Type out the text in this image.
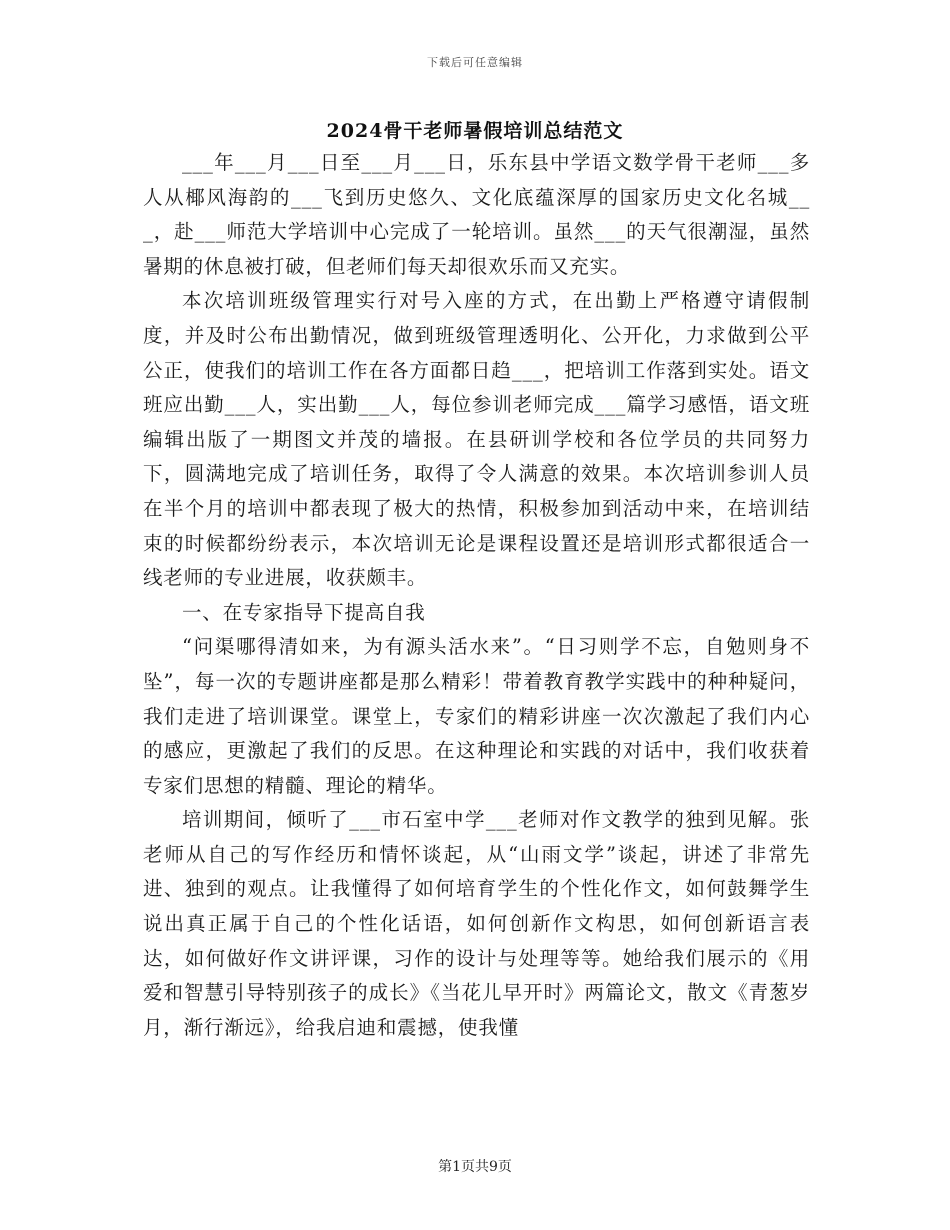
下载后可任意编辑
2024骨干老师暑假培训总结范文

___年___月___日至___月___日，乐东县中学语文数学骨干老师___多人从椰风海韵的___飞到历史悠久、文化底蕴深厚的国家历史文化名城___，赴___师范大学培训中心完成了一轮培训。虽然___的天气很潮湿，虽然暑期的休息被打破，但老师们每天却很欢乐而又充实。

本次培训班级管理实行对号入座的方式，在出勤上严格遵守请假制度，并及时公布出勤情况，做到班级管理透明化、公开化，力求做到公平公正，使我们的培训工作在各方面都日趋___，把培训工作落到实处。语文班应出勤___人，实出勤___人，每位参训老师完成___篇学习感悟，语文班编辑出版了一期图文并茂的墙报。在县研训学校和各位学员的共同努力下，圆满地完成了培训任务，取得了令人满意的效果。本次培训参训人员在半个月的培训中都表现了极大的热情，积极参加到活动中来，在培训结束的时候都纷纷表示，本次培训无论是课程设置还是培训形式都很适合一线老师的专业进展，收获颇丰。

一、在专家指导下提高自我

“问渠哪得清如来，为有源头活水来”。“日习则学不忘，自勉则身不坠”，每一次的专题讲座都是那么精彩！带着教育教学实践中的种种疑问，我们走进了培训课堂。课堂上，专家们的精彩讲座一次次激起了我们内心的感应，更激起了我们的反思。在这种理论和实践的对话中，我们收获着专家们思想的精髓、理论的精华。

培训期间，倾听了___市石室中学___老师对作文教学的独到见解。张老师从自己的写作经历和情怀谈起，从“山雨文学”谈起，讲述了非常先进、独到的观点。让我懂得了如何培育学生的个性化作文，如何鼓舞学生说出真正属于自己的个性化话语，如何创新作文构思，如何创新语言表达，如何做好作文讲评课，习作的设计与处理等等。她给我们展示的《用爱和智慧引导特别孩子的成长》《当花儿早开时》两篇论文，散文《青葱岁月，渐行渐远》，给我启迪和震撼，使我懂

第1页共9页
